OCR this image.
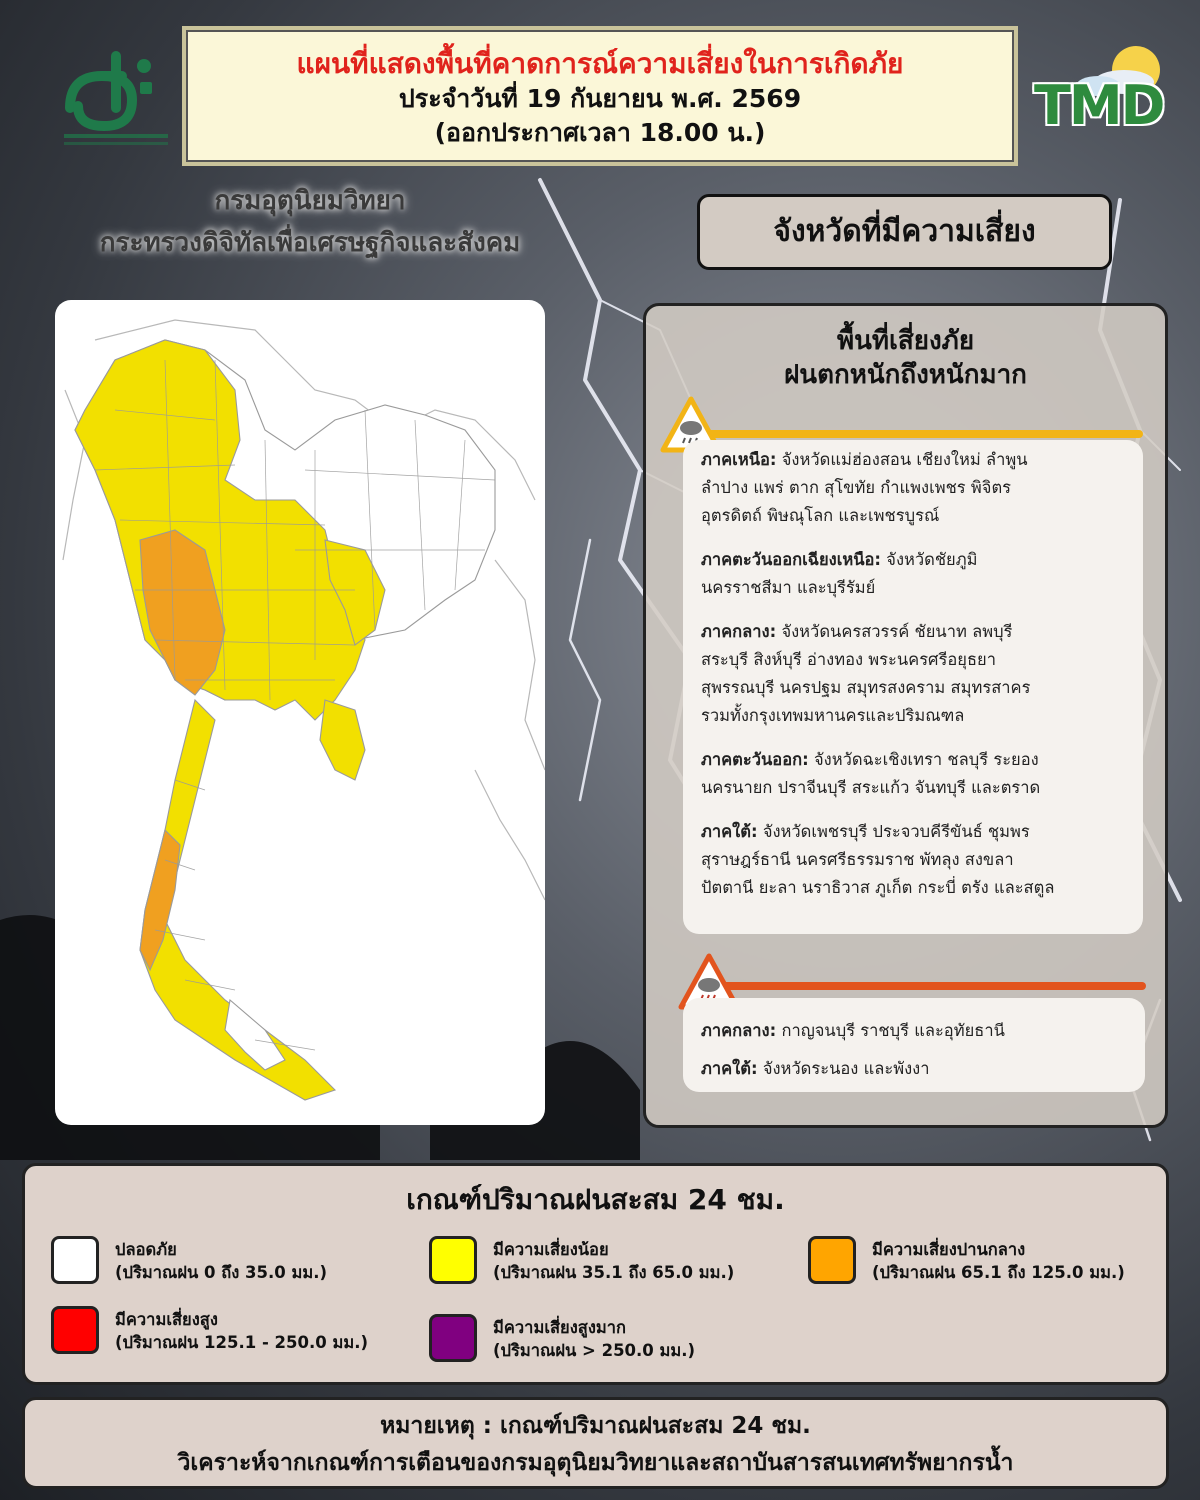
TMD
แผนที่แสดงพื้นที่คาดการณ์ความเสี่ยงในการเกิดภัย
ประจำวันที่ 19 กันยายน พ.ศ. 2569
(ออกประกาศเวลา 18.00 น.)
กรมอุตุนิยมวิทยา
กระทรวงดิจิทัลเพื่อเศรษฐกิจและสังคม	จังหวัดที่มีความเสี่ยง
พื้นที่เสี่ยงภัย
ฝนตกหนักถึงหนักมาก
ภาคเหนือ: จังหวัดแม่ฮ่องสอน เชียงใหม่ ลำพูน
ลำปาง แพร่ ตาก สุโขทัย กำแพงเพชร พิจิตร
อุตรดิตถ์ พิษณุโลก และเพชรบูรณ์
ภาคตะวันออกเฉียงเหนือ: จังหวัดชัยภูมิ
นครราชสีมา และบุรีรัมย์
ภาคกลาง: จังหวัดนครสวรรค์ ชัยนาท ลพบุรี
สระบุรี สิงห์บุรี อ่างทอง พระนครศรีอยุธยา
สุพรรณบุรี นครปฐม สมุทรสงคราม สมุทรสาคร
รวมทั้งกรุงเทพมหานครและปริมณฑล
ภาคตะวันออก: จังหวัดฉะเชิงเทรา ชลบุรี ระยอง
นครนายก ปราจีนบุรี สระแก้ว จันทบุรี และตราด
ภาคใต้: จังหวัดเพชรบุรี ประจวบคีรีขันธ์ ชุมพร
สุราษฎร์ธานี นครศรีธรรมราช พัทลุง สงขลา
ปัตตานี ยะลา นราธิวาส ภูเก็ต กระบี่ ตรัง และสตูล
ภาคกลาง: กาญจนบุรี ราชบุรี และอุทัยธานี
ภาคใต้: จังหวัดระนอง และพังงา
เกณฑ์ปริมาณฝนสะสม 24 ชม.
ปลอดภัย
(ปริมาณฝน 0 ถึง 35.0 มม.)
มีความเสี่ยงน้อย
(ปริมาณฝน 35.1 ถึง 65.0 มม.)
มีความเสี่ยงปานกลาง
(ปริมาณฝน 65.1 ถึง 125.0 มม.)
มีความเสี่ยงสูง
(ปริมาณฝน 125.1 - 250.0 มม.)
มีความเสี่ยงสูงมาก
(ปริมาณฝน > 250.0 มม.)
หมายเหตุ : เกณฑ์ปริมาณฝนสะสม 24 ชม.
วิเคราะห์จากเกณฑ์การเตือนของกรมอุตุนิยมวิทยาและสถาบันสารสนเทศทรัพยากรน้ำ
